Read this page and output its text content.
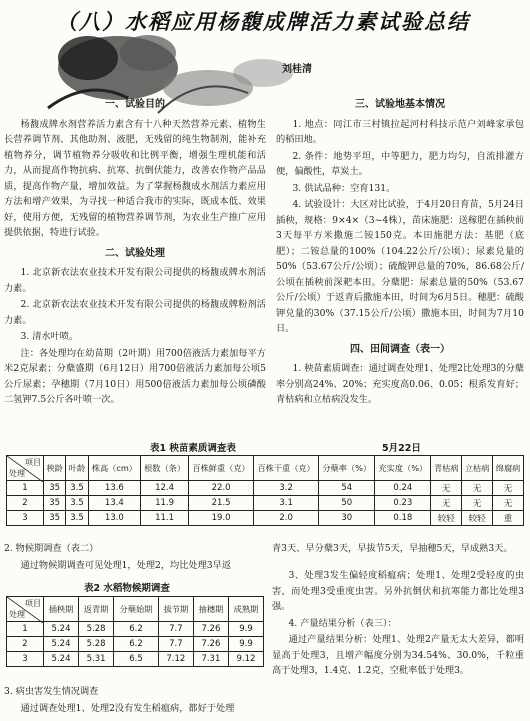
（八）水稻应用杨馥成牌活力素试验总结
刘桂清
一、试验目的

杨馥成牌水剂营养活力素含有十八种天然营养元素、植物生长营养调节剂、其他助剂、液肥，无残留的纯生物制剂，能补充植物养分，调节植物养分吸收和比例平衡，增强生理机能和活力，从而提高作物抗病、抗寒、抗倒伏能力，改善农作物产品品质，提高作物产量，增加效益。为了掌握杨馥成水剂活力素应用方法和增产效果，为寻找一种适合我市的实际，既成本低、效果好，使用方便，无残留的植物营养调节剂，为农业生产推广应用提供依据，特进行试验。

二、试验处理

1. 北京新农法农业技术开发有限公司提供的杨馥成牌水剂活力素。

2. 北京新农法农业技术开发有限公司提供的杨馥成牌粉剂活力素。

3. 清水叶喷。

注：各处理均在幼苗期（2叶期）用700倍液活力素加每平方米2克尿素；分蘖盛期（6月12日）用700倍液活力素加每公顷5公斤尿素；孕穗期（7月10日）用500倍液活力素加每公顷磷酸二氢钾7.5公斤各叶喷一次。

三、试验地基本情况

1. 地点：同江市三村镇拉起河村科技示范户刘峰家承包的稻田地。

2. 条件：地势平坦，中等肥力，肥力均匀，自流排灌方便，偏酸性，草炭土。

3. 供试品种：空育131。

4. 试验设计：大区对比试验，于4月20日育苗，5月24日插秧，规格：9×4×（3~4株），苗床施肥：送稼肥在插秧前3天每平方米撒施二铵150克。本田施肥方法：基肥（底肥）；二铵总量的100%（104.22公斤/公顷）；尿素兑量的50%（53.67公斤/公顷）；硫酸钾总量的70%，86.68公斤/公顷在插秧前深耙本田。分蘖肥：尿素总量的50%（53.67公斤/公顷）于返青后撒施本田，时间为6月5日。穗肥：硫酸钾兑量的30%（37.15公斤/公顷）撒施本田，时间为7月10日。

四、田间调查（表一）

1. 秧苗素质调查：通过调查处理1、处理2比处理3的分蘖率分别高24%、20%；充实度高0.06、0.05；根系发育好；青枯病和立枯病没发生。

表1 秧苗素质调查表	5月22日
项目
处理	秧龄	叶龄	株高（cm）	根数（条）	百株鲜重（克）	百株干重（克）	分蘖率（%）	充实度（%）	青枯病	立枯病	绵腐病
1	35	3.5	13.6	12.4	22.0	3.2	54	0.24	无	无	无
2	35	3.5	13.4	11.9	21.5	3.1	50	0.23	无	无	无
3	35	3.5	13.0	11.1	19.0	2.0	30	0.18	较轻	较轻	重

2. 物候期调查（表二）

通过物候期调查可见处理1，处理2，均比处理3早返

表2 水稻物候期调查
项目
处理	插秧期	返青期	分蘖始期	拔节期	抽穗期	成熟期
1	5.24	5.28	6.2	7.7	7.26	9.9
2	5.24	5.28	6.2	7.7	7.26	9.9
3	5.24	5.31	6.5	7.12	7.31	9.12

3. 病虫害发生情况调查

通过调查处理1、处理2没有发生稻瘟病，都好于处理

青3天、早分蘖3天，早拔节5天，早抽穗5天，早成熟3天。

3、处理3发生偏轻度稻瘟病；处理1、处理2受轻度的虫害，而处理3受重度虫害。另外抗倒伏和抗寒能力都比处理3强。

4. 产量结果分析（表三）：

通过产量结果分析：处理1、处理2产量无太大差异，都明显高于处理3，且增产幅度分别为34.54%、30.0%，千粒重高于处理3，1.4克、1.2克，空秕率低于处理3。
